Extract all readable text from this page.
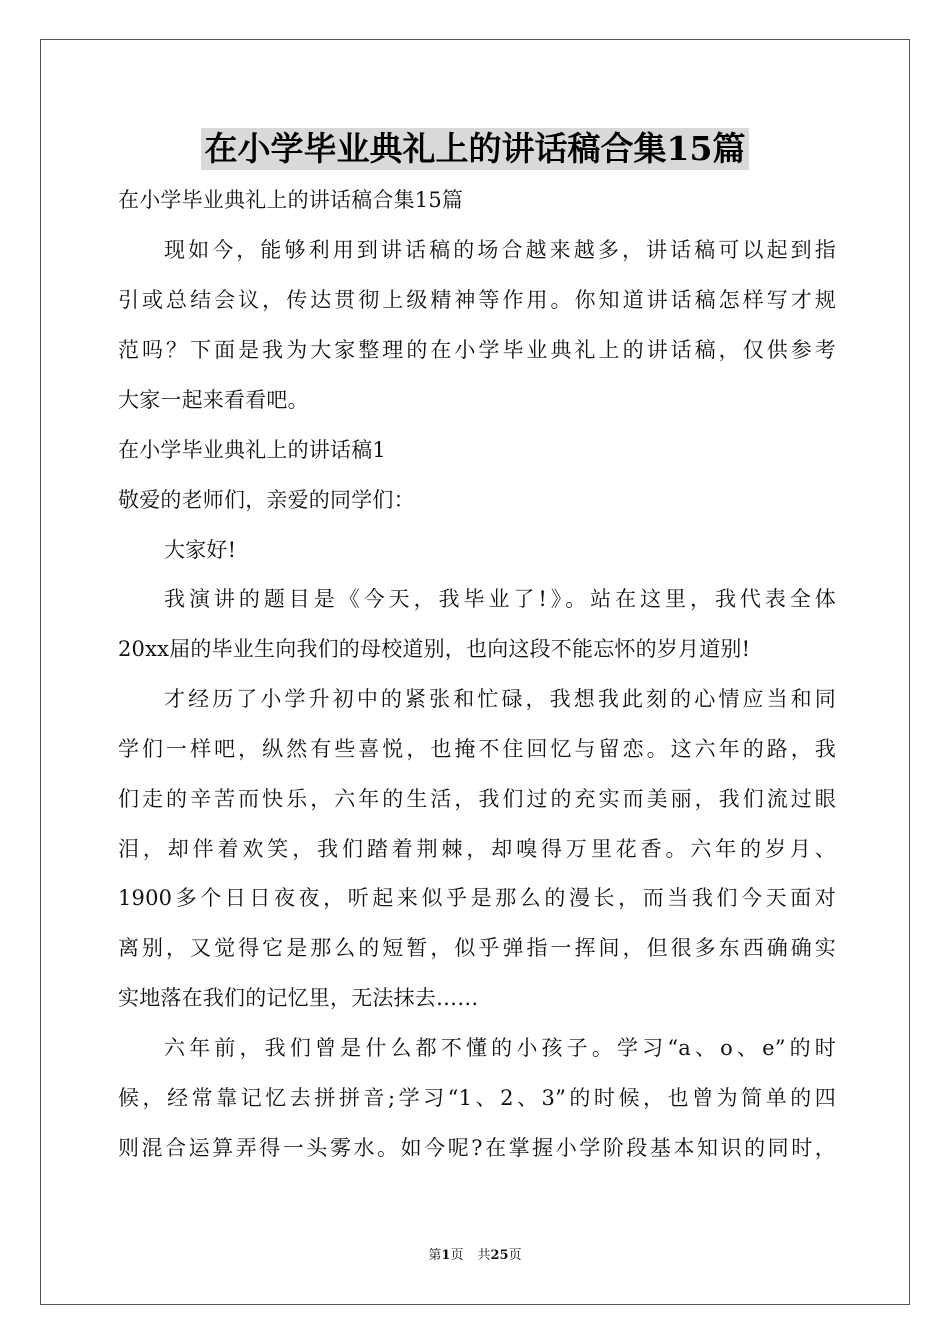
在小学毕业典礼上的讲话稿合集15篇
在小学毕业典礼上的讲话稿合集15篇
现如今，能够利用到讲话稿的场合越来越多，讲话稿可以起到指
引或总结会议，传达贯彻上级精神等作用。你知道讲话稿怎样写才规
范吗？下面是我为大家整理的在小学毕业典礼上的讲话稿，仅供参考
大家一起来看看吧。
在小学毕业典礼上的讲话稿1
敬爱的老师们，亲爱的同学们：
大家好!
我演讲的题目是《今天，我毕业了!》。站在这里，我代表全体
20xx届的毕业生向我们的母校道别，也向这段不能忘怀的岁月道别!
才经历了小学升初中的紧张和忙碌，我想我此刻的心情应当和同
学们一样吧，纵然有些喜悦，也掩不住回忆与留恋。这六年的路，我
们走的辛苦而快乐，六年的生活，我们过的充实而美丽，我们流过眼
泪，却伴着欢笑，我们踏着荆棘，却嗅得万里花香。六年的岁月、
1900多个日日夜夜，听起来似乎是那么的漫长，而当我们今天面对
离别，又觉得它是那么的短暂，似乎弹指一挥间，但很多东西确确实
实地落在我们的记忆里，无法抹去……
六年前，我们曾是什么都不懂的小孩子。学习“a、o、e”的时
候，经常靠记忆去拼拼音;学习“1、2、3”的时候，也曾为简单的四
则混合运算弄得一头雾水。如今呢?在掌握小学阶段基本知识的同时，
第1页 共25页
